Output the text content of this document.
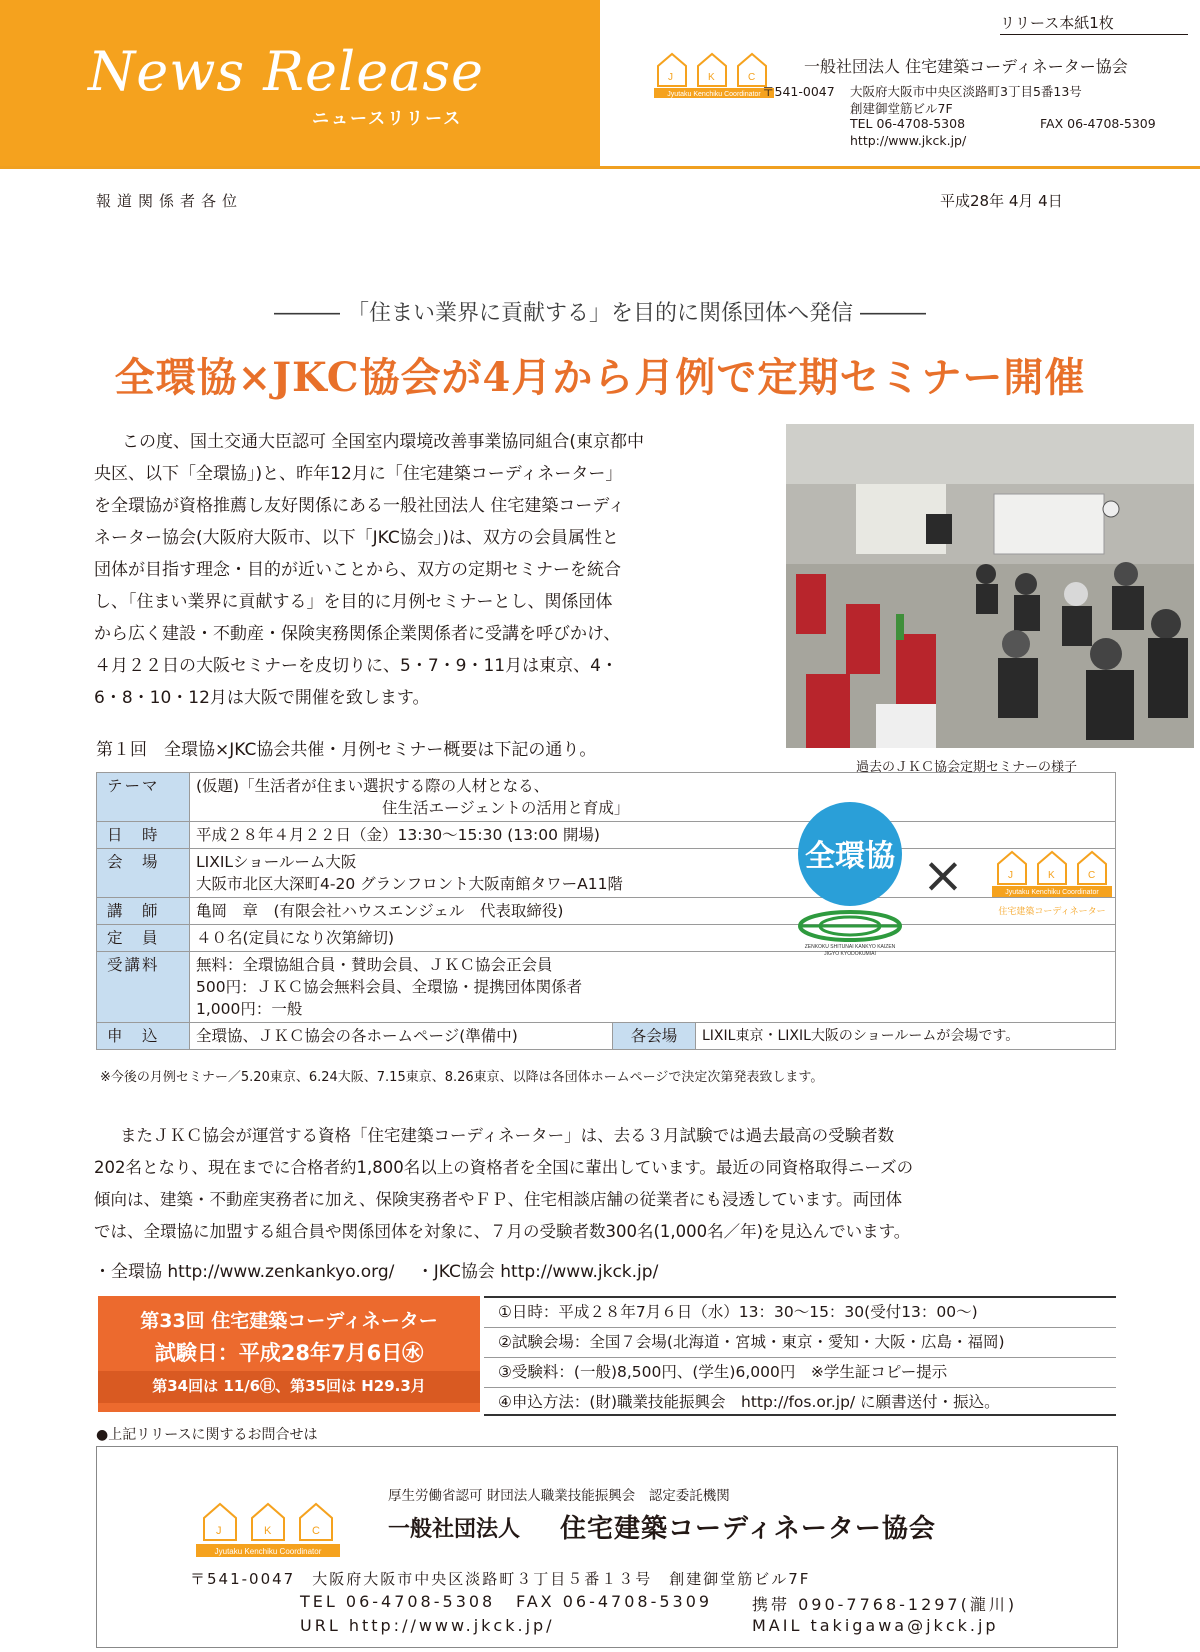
News Release
ニュースリリース
リリース本紙1枚
J	K	C
Jyutaku Kenchiku Coordinator
一般社団法人 住宅建築コーディネーター協会
〒541-0047 大阪府大阪市中央区淡路町3丁目5番13号
創建御堂筋ビル7F
TEL 06-4708-5308	FAX 06-4708-5309
http://www.jkck.jp/
報道関係者各位	平成28年 4月 4日
――― 「住まい業界に貢献する」を目的に関係団体へ発信 ―――
全環協×JKC協会が4月から月例で定期セミナー開催
この度、国土交通大臣認可 全国室内環境改善事業協同組合(東京都中
央区、以下「全環協」)と、昨年12月に「住宅建築コーディネーター」
を全環協が資格推薦し友好関係にある一般社団法人 住宅建築コーディ
ネーター協会(大阪府大阪市、以下「JKC協会」)は、双方の会員属性と
団体が目指す理念・目的が近いことから、双方の定期セミナーを統合
し、「住まい業界に貢献する」を目的に月例セミナーとし、関係団体
から広く建設・不動産・保険実務関係企業関係者に受講を呼びかけ、
４月２２日の大阪セミナーを皮切りに、5・7・9・11月は東京、4・
6・8・10・12月は大阪で開催を致します。
過去のＪＫＣ協会定期セミナーの様子
第１回　全環協×JKC協会共催・月例セミナー概要は下記の通り。
テーマ	(仮題)「生活者が住まい選択する際の人材となる、
住生活エージェントの活用と育成」		

日　時	平成２８年４月２２日（金）13:30～15:30 (13:00 開場)		
会　場	LIXILショールーム大阪
大阪市北区大深町4-20 グランフロント大阪南館タワーA11階		

講　師	亀岡　章　(有限会社ハウスエンジェル　代表取締役)		
定　員	４０名(定員になり次第締切)		
受講料	無料：全環協組合員・賛助会員、ＪＫＣ協会正会員
500円：ＪＫＣ協会無料会員、全環協・提携団体関係者
1,000円：一般		

申　込	全環協、ＪＫＣ協会の各ホームページ(準備中)	各会場	LIXIL東京・LIXIL大阪のショールームが会場です。
※今後の月例セミナー／5.20東京、6.24大阪、7.15東京、8.26東京、以降は各団体ホームページで決定次第発表致します。
全環協
ZENKOKU SHITUNAI KANKYO KAIZEN
JIGYO KYODOKUMIAI
×	J	K	C
Jyutaku Kenchiku Coordinator
住宅建築コーディネーター
またＪＫＣ協会が運営する資格「住宅建築コーディネーター」は、去る３月試験では過去最高の受験者数
202名となり、現在までに合格者約1,800名以上の資格者を全国に輩出しています。最近の同資格取得ニーズの
傾向は、建築・不動産実務者に加え、保険実務者やＦＰ、住宅相談店舗の従業者にも浸透しています。両団体
では、全環協に加盟する組合員や関係団体を対象に、７月の受験者数300名(1,000名／年)を見込んでいます。
・全環協 http://www.zenkankyo.org/　 ・JKC協会 http://www.jkck.jp/
第33回 住宅建築コーディネーター
試験日：平成28年7月6日㊌
第34回は 11/6㊐、第35回は H29.3月
①日時：平成２８年7月６日（水）13：30～15：30(受付13：00～)
②試験会場：全国７会場(北海道・宮城・東京・愛知・大阪・広島・福岡)
③受験料：(一般)8,500円、(学生)6,000円　※学生証コピー提示
④申込方法：(財)職業技能振興会　http://fos.or.jp/ に願書送付・振込。
●上記リリースに関するお問合せは
J	K	C
Jyutaku Kenchiku Coordinator
厚生労働省認可 財団法人職業技能振興会　認定委託機関
一般社団法人 住宅建築コーディネーター協会
〒541-0047　大阪府大阪市中央区淡路町３丁目５番１３号　創建御堂筋ビル7F
TEL 06-4708-5308 FAX 06-4708-5309 携帯 090-7768-1297(瀧川)
URL http://www.jkck.jp/	MAIL takigawa@jkck.jp
